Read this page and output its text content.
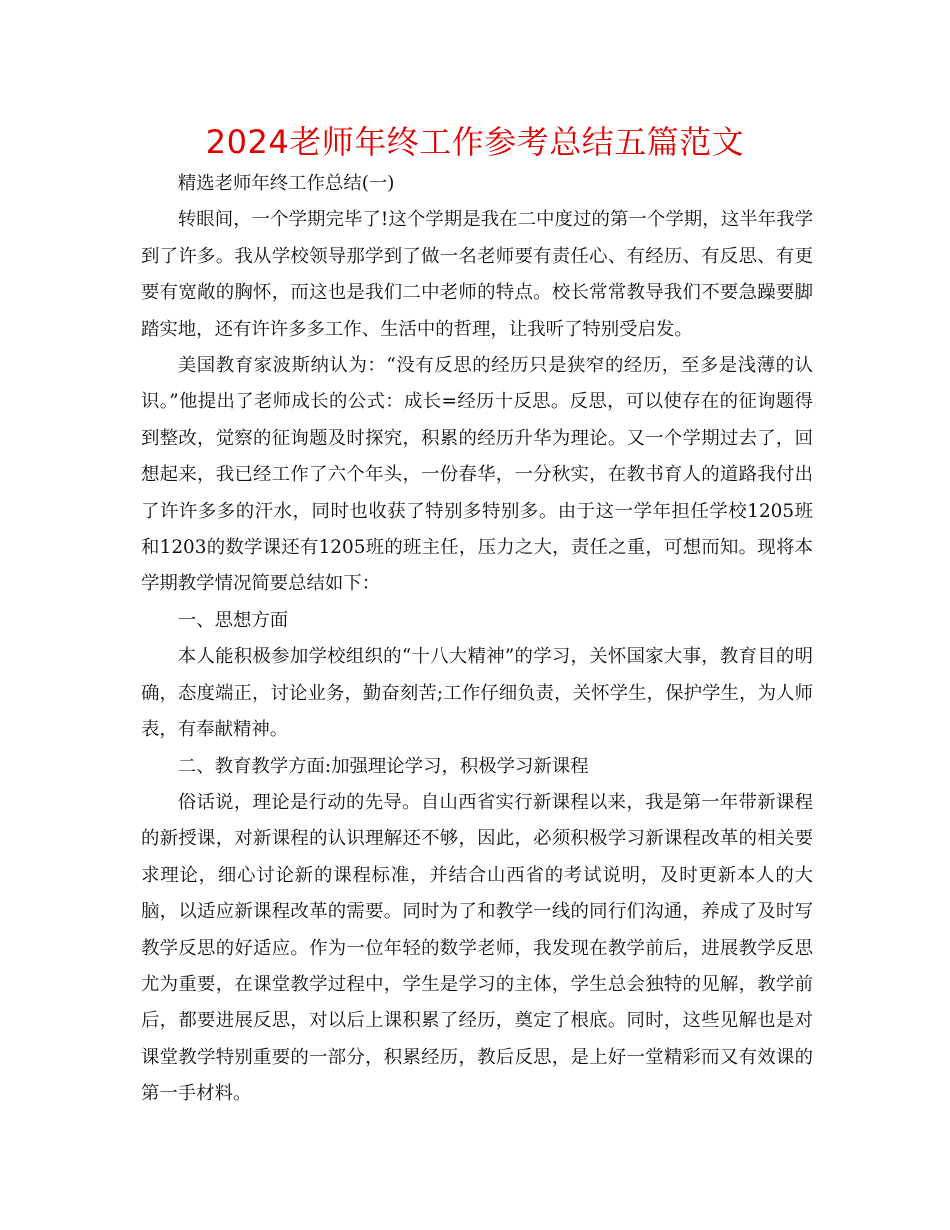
2024老师年终工作参考总结五篇范文

精选老师年终工作总结(一)

转眼间，一个学期完毕了!这个学期是我在二中度过的第一个学期，这半年我学到了许多。我从学校领导那学到了做一名老师要有责任心、有经历、有反思、有更要有宽敞的胸怀，而这也是我们二中老师的特点。校长常常教导我们不要急躁要脚踏实地，还有许许多多工作、生活中的哲理，让我听了特别受启发。

美国教育家波斯纳认为：“没有反思的经历只是狭窄的经历，至多是浅薄的认识。”他提出了老师成长的公式：成长=经历十反思。反思，可以使存在的征询题得到整改，觉察的征询题及时探究，积累的经历升华为理论。又一个学期过去了，回想起来，我已经工作了六个年头，一份春华，一分秋实，在教书育人的道路我付出了许许多多的汗水，同时也收获了特别多特别多。由于这一学年担任学校1205班和1203的数学课还有1205班的班主任，压力之大，责任之重，可想而知。现将本学期教学情况简要总结如下：

一、思想方面

本人能积极参加学校组织的“十八大精神”的学习，关怀国家大事，教育目的明确，态度端正，讨论业务，勤奋刻苦;工作仔细负责，关怀学生，保护学生，为人师表，有奉献精神。

二、教育教学方面:加强理论学习，积极学习新课程

俗话说，理论是行动的先导。自山西省实行新课程以来，我是第一年带新课程的新授课，对新课程的认识理解还不够，因此，必须积极学习新课程改革的相关要求理论，细心讨论新的课程标准，并结合山西省的考试说明，及时更新本人的大脑，以适应新课程改革的需要。同时为了和教学一线的同行们沟通，养成了及时写教学反思的好适应。作为一位年轻的数学老师，我发现在教学前后，进展教学反思尤为重要，在课堂教学过程中，学生是学习的主体，学生总会独特的见解，教学前后，都要进展反思，对以后上课积累了经历，奠定了根底。同时，这些见解也是对课堂教学特别重要的一部分，积累经历，教后反思，是上好一堂精彩而又有效课的第一手材料。
